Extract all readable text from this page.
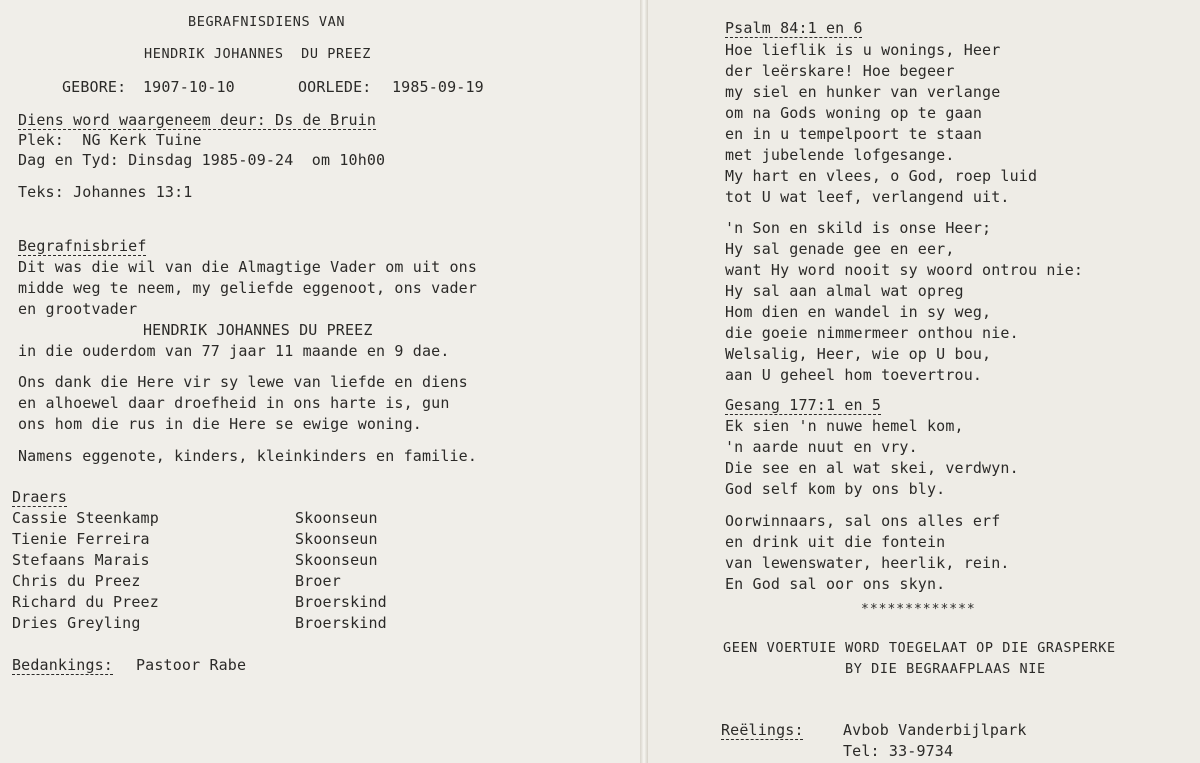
BEGRAFNISDIENS VAN
HENDRIK JOHANNES  DU PREEZ
GEBORE: 1907-10-10	OORLEDE: 1985-09-19
Diens word waargeneem deur: Ds de Bruin
Plek:  NG Kerk Tuine
Dag en Tyd: Dinsdag 1985-09-24  om 10h00
Teks: Johannes 13:1
Begrafnisbrief
Dit was die wil van die Almagtige Vader om uit ons
midde weg te neem, my geliefde eggenoot, ons vader
en grootvader
HENDRIK JOHANNES DU PREEZ
in die ouderdom van 77 jaar 11 maande en 9 dae.
Ons dank die Here vir sy lewe van liefde en diens
en alhoewel daar droefheid in ons harte is, gun
ons hom die rus in die Here se ewige woning.
Namens eggenote, kinders, kleinkinders en familie.
Draers
Cassie Steenkamp	Skoonseun
Tienie Ferreira	Skoonseun
Stefaans Marais	Skoonseun
Chris du Preez	Broer
Richard du Preez	Broerskind
Dries Greyling	Broerskind
Bedankings: Pastoor Rabe
Psalm 84:1 en 6
Hoe lieflik is u wonings, Heer
der leërskare! Hoe begeer
my siel en hunker van verlange
om na Gods woning op te gaan
en in u tempelpoort te staan
met jubelende lofgesange.
My hart en vlees, o God, roep luid
tot U wat leef, verlangend uit.
'n Son en skild is onse Heer;
Hy sal genade gee en eer,
want Hy word nooit sy woord ontrou nie:
Hy sal aan almal wat opreg
Hom dien en wandel in sy weg,
die goeie nimmermeer onthou nie.
Welsalig, Heer, wie op U bou,
aan U geheel hom toevertrou.
Gesang 177:1 en 5
Ek sien 'n nuwe hemel kom,
'n aarde nuut en vry.
Die see en al wat skei, verdwyn.
God self kom by ons bly.
Oorwinnaars, sal ons alles erf
en drink uit die fontein
van lewenswater, heerlik, rein.
En God sal oor ons skyn.
*************
GEEN VOERTUIE WORD TOEGELAAT OP DIE GRASPERKE
BY DIE BEGRAAFPLAAS NIE
Reëlings:	Avbob Vanderbijlpark
Tel: 33-9734
